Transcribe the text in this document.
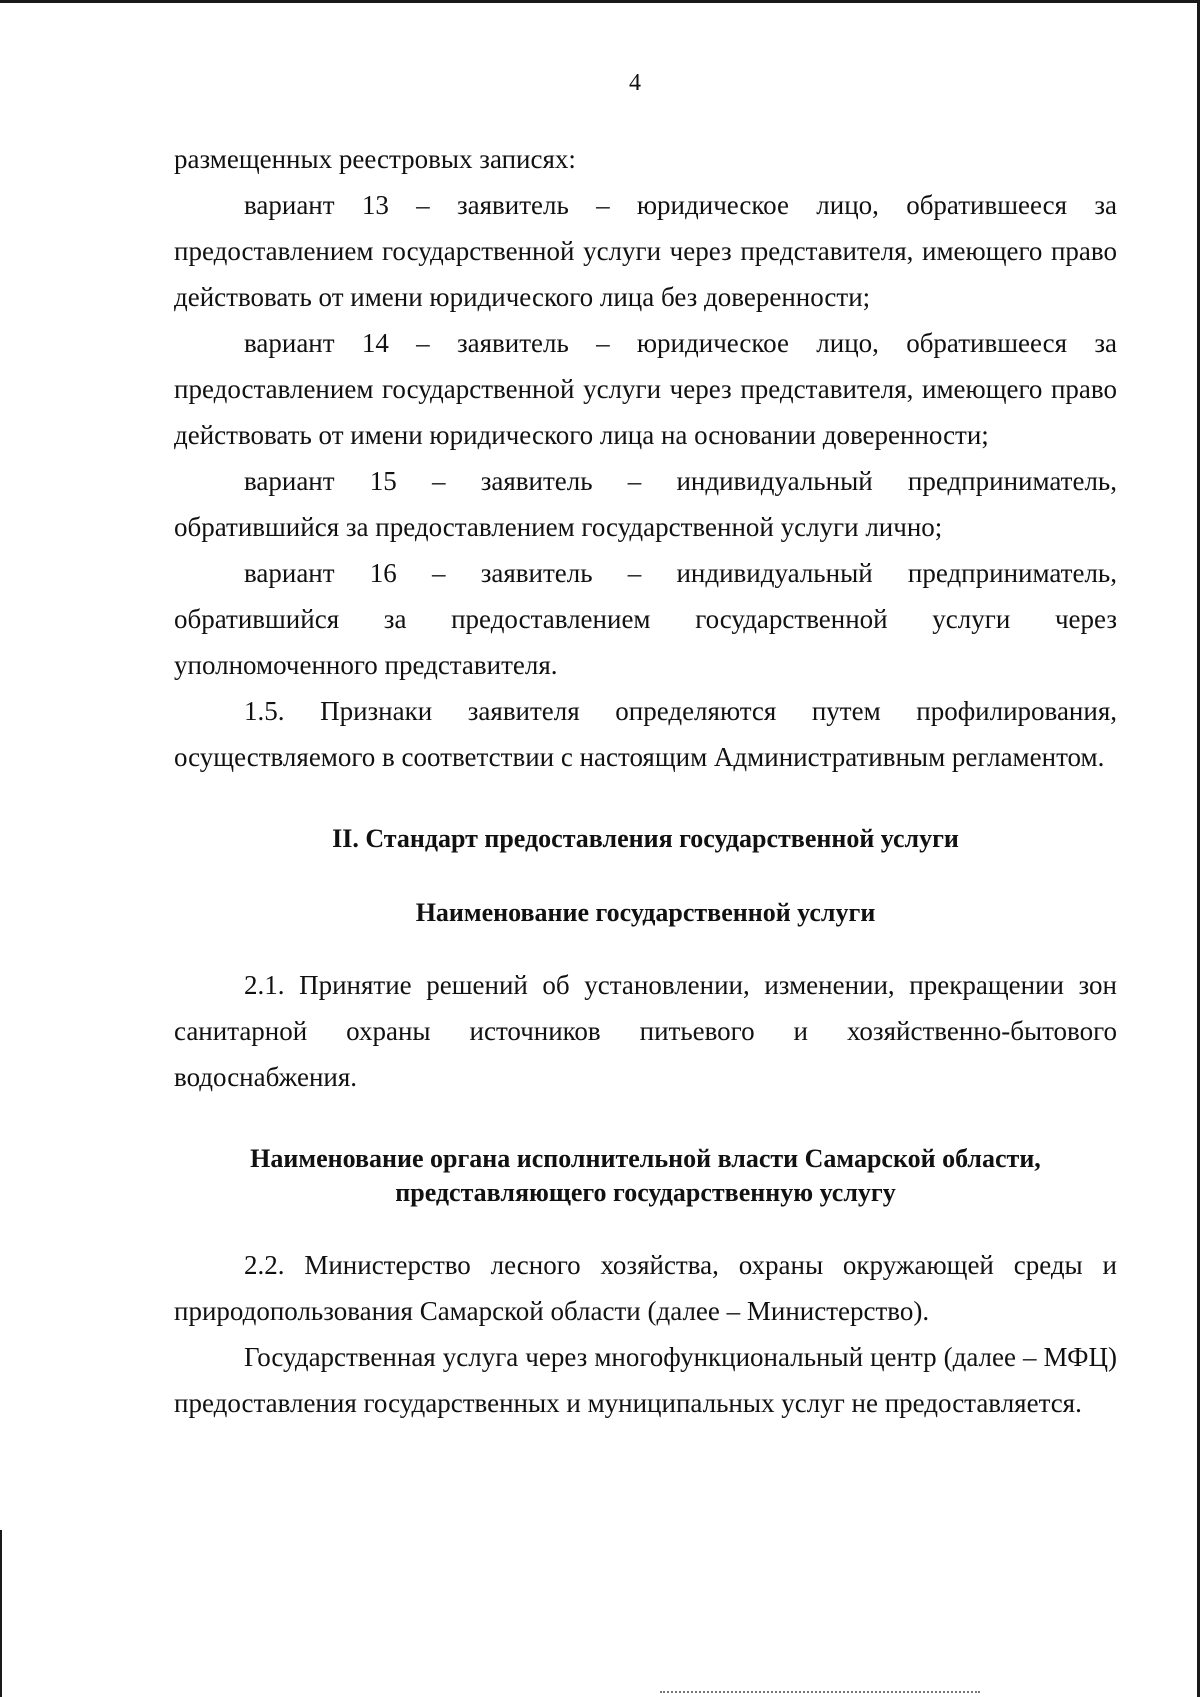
4

размещенных реестровых записях:

вариант 13 – заявитель – юридическое лицо, обратившееся за предоставлением государственной услуги через представителя, имеющего право действовать от имени юридического лица без доверенности;

вариант 14 – заявитель – юридическое лицо, обратившееся за предоставлением государственной услуги через представителя, имеющего право действовать от имени юридического лица на основании доверенности;

вариант 15 – заявитель – индивидуальный предприниматель, обратившийся за предоставлением государственной услуги лично;

вариант 16 – заявитель – индивидуальный предприниматель, обратившийся за предоставлением государственной услуги через уполномоченного представителя.

1.5. Признаки заявителя определяются путем профилирования, осуществляемого в соответствии с настоящим Административным регламентом.

II. Стандарт предоставления государственной услуги

Наименование государственной услуги

2.1. Принятие решений об установлении, изменении, прекращении зон санитарной охраны источников питьевого и хозяйственно-бытового водоснабжения.

Наименование органа исполнительной власти Самарской области,

представляющего государственную услугу

2.2. Министерство лесного хозяйства, охраны окружающей среды и природопользования Самарской области (далее – Министерство).

Государственная услуга через многофункциональный центр (далее – МФЦ) предоставления государственных и муниципальных услуг не предоставляется.
